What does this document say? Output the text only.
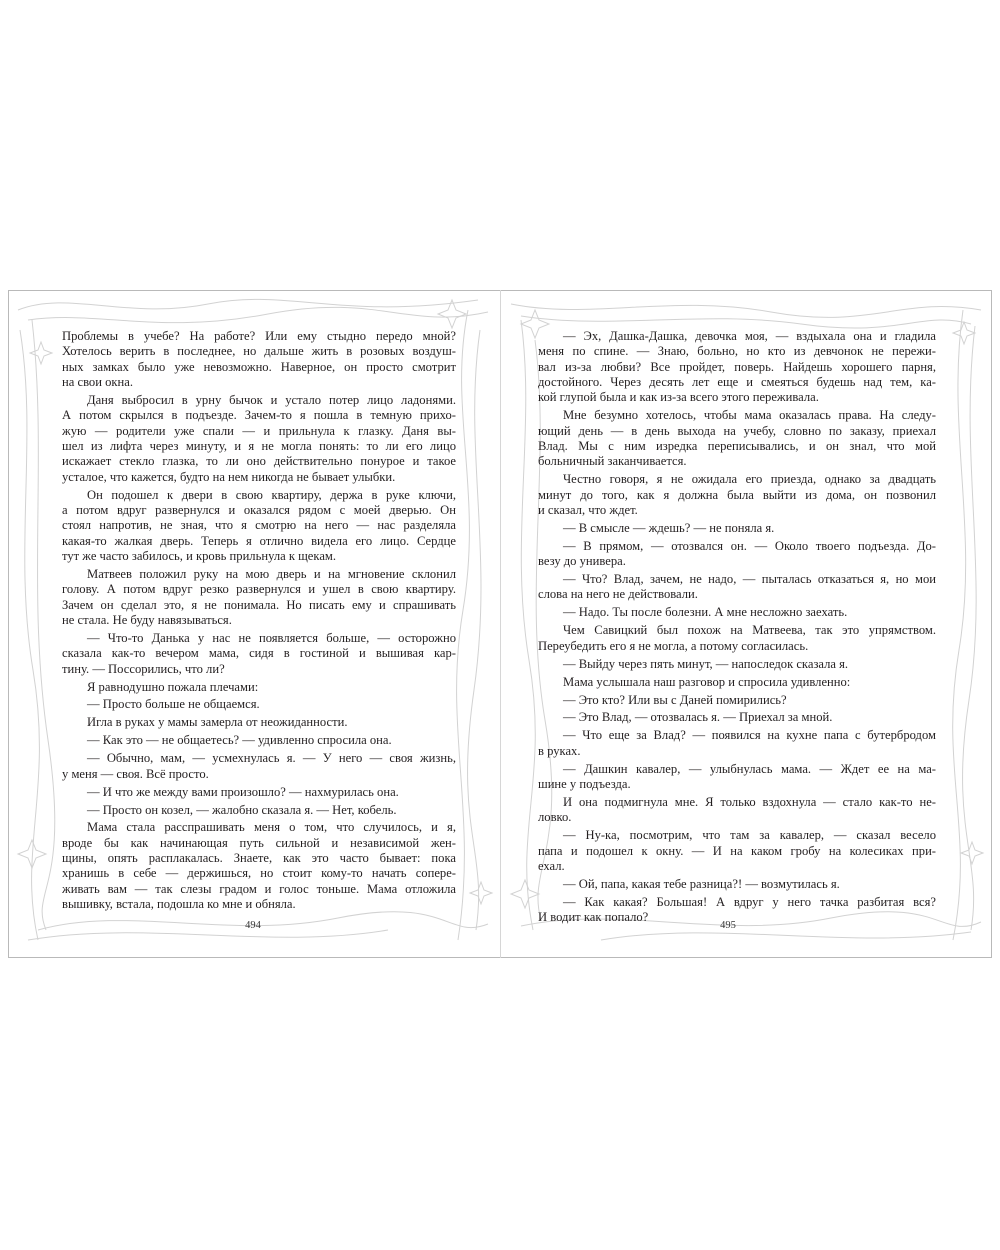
Проблемы в учебе? На работе? Или ему стыдно передо мной?
Хотелось верить в последнее, но дальше жить в розовых воздуш-
ных замках было уже невозможно. Наверное, он просто смотрит
на свои окна.
Даня выбросил в урну бычок и устало потер лицо ладонями.
А потом скрылся в подъезде. Зачем-то я пошла в темную прихо-
жую — родители уже спали — и прильнула к глазку. Даня вы-
шел из лифта через минуту, и я не могла понять: то ли его лицо
искажает стекло глазка, то ли оно действительно понурое и такое
усталое, что кажется, будто на нем никогда не бывает улыбки.
Он подошел к двери в свою квартиру, держа в руке ключи,
а потом вдруг развернулся и оказался рядом с моей дверью. Он
стоял напротив, не зная, что я смотрю на него — нас разделяла
какая-то жалкая дверь. Теперь я отлично видела его лицо. Сердце
тут же часто забилось, и кровь прильнула к щекам.
Матвеев положил руку на мою дверь и на мгновение склонил
голову. А потом вдруг резко развернулся и ушел в свою квартиру.
Зачем он сделал это, я не понимала. Но писать ему и спрашивать
не стала. Не буду навязываться.
— Что-то Данька у нас не появляется больше, — осторожно
сказала как-то вечером мама, сидя в гостиной и вышивая кар-
тину. — Поссорились, что ли?
Я равнодушно пожала плечами:
— Просто больше не общаемся.
Игла в руках у мамы замерла от неожиданности.
— Как это — не общаетесь? — удивленно спросила она.
— Обычно, мам, — усмехнулась я. — У него — своя жизнь,
у меня — своя. Всё просто.
— И что же между вами произошло? — нахмурилась она.
— Просто он козел, — жалобно сказала я. — Нет, кобель.
Мама стала расспрашивать меня о том, что случилось, и я,
вроде бы как начинающая путь сильной и независимой жен-
щины, опять расплакалась. Знаете, как это часто бывает: пока
хранишь в себе — держишься, но стоит кому-то начать сопере-
живать вам — так слезы градом и голос тоньше. Мама отложила
вышивку, встала, подошла ко мне и обняла.
— Эх, Дашка-Дашка, девочка моя, — вздыхала она и гладила
меня по спине. — Знаю, больно, но кто из девчонок не пережи-
вал из-за любви? Все пройдет, поверь. Найдешь хорошего парня,
достойного. Через десять лет еще и смеяться будешь над тем, ка-
кой глупой была и как из-за всего этого переживала.
Мне безумно хотелось, чтобы мама оказалась права. На следу-
ющий день — в день выхода на учебу, словно по заказу, приехал
Влад. Мы с ним изредка переписывались, и он знал, что мой
больничный заканчивается.
Честно говоря, я не ожидала его приезда, однако за двадцать
минут до того, как я должна была выйти из дома, он позвонил
и сказал, что ждет.
— В смысле — ждешь? — не поняла я.
— В прямом, — отозвался он. — Около твоего подъезда. До-
везу до универа.
— Что? Влад, зачем, не надо, — пыталась отказаться я, но мои
слова на него не действовали.
— Надо. Ты после болезни. А мне несложно заехать.
Чем Савицкий был похож на Матвеева, так это упрямством.
Переубедить его я не могла, а потому согласилась.
— Выйду через пять минут, — напоследок сказала я.
Мама услышала наш разговор и спросила удивленно:
— Это кто? Или вы с Даней помирились?
— Это Влад, — отозвалась я. — Приехал за мной.
— Что еще за Влад? — появился на кухне папа с бутербродом
в руках.
— Дашкин кавалер, — улыбнулась мама. — Ждет ее на ма-
шине у подъезда.
И она подмигнула мне. Я только вздохнула — стало как-то не-
ловко.
— Ну-ка, посмотрим, что там за кавалер, — сказал весело
папа и подошел к окну. — И на каком гробу на колесиках при-
ехал.
— Ой, папа, какая тебе разница?! — возмутилась я.
— Как какая? Большая! А вдруг у него тачка разбитая вся?
И водит как попало?
494	495
